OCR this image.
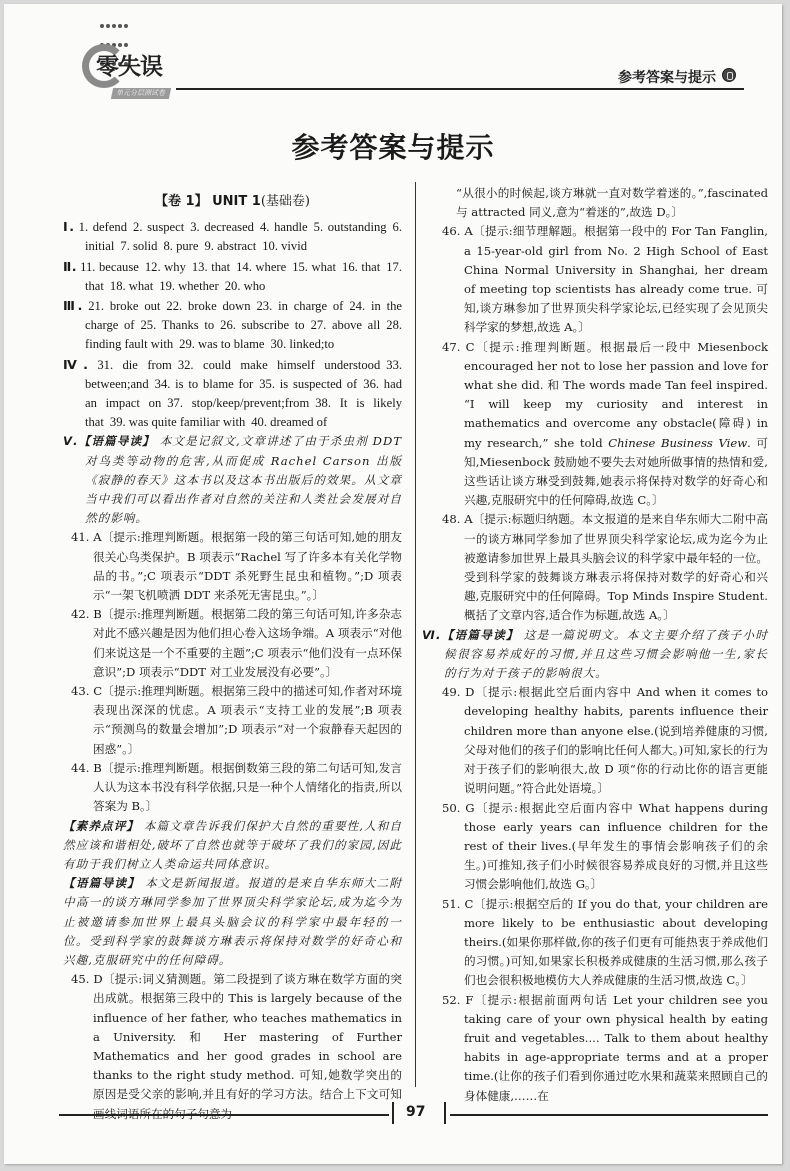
零失误
单元分层测试卷
参考答案与提示
参考答案与提示
【卷 1】 UNIT 1(基础卷)

Ⅰ. 1. defend 2. suspect 3. decreased 4. handle 5. outstanding 6. initial 7. solid 8. pure 9. abstract 10. vivid

Ⅱ. 11. because 12. why 13. that 14. where 15. what 16. that 17. that 18. what 19. whether 20. who

Ⅲ. 21. broke out 22. broke down 23. in charge of 24. in the charge of 25. Thanks to 26. subscribe to 27. above all 28. finding fault with 29. was to blame 30. linked;to

Ⅳ. 31. die from 32. could make himself understood 33. between;and 34. is to blame for 35. is suspected of 36. had an impact on 37. stop/keep/prevent;from 38. It is likely that 39. was quite familiar with 40. dreamed of

Ⅴ.【语篇导读】 本文是记叙文,文章讲述了由于杀虫剂 DDT 对鸟类等动物的危害,从而促成 Rachel Carson 出版《寂静的春天》这本书以及这本书出版后的效果。从文章当中我们可以看出作者对自然的关注和人类社会发展对自然的影响。

41. A〔提示:推理判断题。根据第一段的第三句话可知,她的朋友很关心鸟类保护。B 项表示“Rachel 写了许多本有关化学物品的书。”;C 项表示“DDT 杀死野生昆虫和植物。”;D 项表示“一架飞机喷洒 DDT 来杀死无害昆虫。”。〕

42. B〔提示:推理判断题。根据第二段的第三句话可知,许多杂志对此不感兴趣是因为他们担心卷入这场争端。A 项表示“对他们来说这是一个不重要的主题”;C 项表示“他们没有一点环保意识”;D 项表示“DDT 对工业发展没有必要”。〕

43. C〔提示:推理判断题。根据第三段中的描述可知,作者对环境表现出深深的忧虑。A 项表示“支持工业的发展”;B 项表示“预测鸟的数量会增加”;D 项表示“对一个寂静春天起因的困惑”。〕

44. B〔提示:推理判断题。根据倒数第三段的第二句话可知,发言人认为这本书没有科学依据,只是一种个人情绪化的指责,所以答案为 B。〕

【素养点评】 本篇文章告诉我们保护大自然的重要性,人和自然应该和谐相处,破坏了自然也就等于破坏了我们的家园,因此有助于我们树立人类命运共同体意识。

【语篇导读】 本文是新闻报道。报道的是来自华东师大二附中高一的谈方琳同学参加了世界顶尖科学家论坛,成为迄今为止被邀请参加世界上最具头脑会议的科学家中最年轻的一位。受到科学家的鼓舞谈方琳表示将保持对数学的好奇心和兴趣,克服研究中的任何障碍。

45. D〔提示:词义猜测题。第二段提到了谈方琳在数学方面的突出成就。根据第三段中的 This is largely because of the influence of her father, who teaches mathematics in a University. 和 Her mastering of Further Mathematics and her good grades in school are thanks to the right study method. 可知,她数学突出的原因是受父亲的影响,并且有好的学习方法。结合上下文可知

“从很小的时候起,谈方琳就一直对数学着迷的。”,fascinated 与 attracted 同义,意为“着迷的”,故选 D。〕

46. A〔提示:细节理解题。根据第一段中的 For Tan Fanglin, a 15-year-old girl from No. 2 High School of East China Normal University in Shanghai, her dream of meeting top scientists has already come true. 可知,谈方琳参加了世界顶尖科学家论坛,已经实现了会见顶尖科学家的梦想,故选 A。〕

47. C〔提示:推理判断题。根据最后一段中 Miesenbock encouraged her not to lose her passion and love for what she did. 和 The words made Tan feel inspired. “I will keep my curiosity and interest in mathematics and overcome any obstacle(障碍) in my research,” she told Chinese Business View. 可知,Miesenbock 鼓励她不要失去对她所做事情的热情和爱,这些话让谈方琳受到鼓舞,她表示将保持对数学的好奇心和兴趣,克服研究中的任何障碍,故选 C。〕

48. A〔提示:标题归纳题。本文报道的是来自华东师大二附中高一的谈方琳同学参加了世界顶尖科学家论坛,成为迄今为止被邀请参加世界上最具头脑会议的科学家中最年轻的一位。受到科学家的鼓舞谈方琳表示将保持对数学的好奇心和兴趣,克服研究中的任何障碍。Top Minds Inspire Student. 概括了文章内容,适合作为标题,故选 A。〕

Ⅵ.【语篇导读】 这是一篇说明文。本文主要介绍了孩子小时候很容易养成好的习惯,并且这些习惯会影响他一生,家长的行为对于孩子的影响很大。

49. D〔提示:根据此空后面内容中 And when it comes to developing healthy habits, parents influence their children more than anyone else.(说到培养健康的习惯,父母对他们的孩子们的影响比任何人都大。)可知,家长的行为对于孩子们的影响很大,故 D 项“你的行动比你的语言更能说明问题。”符合此处语境。〕

50. G〔提示:根据此空后面内容中 What happens during those early years can influence children for the rest of their lives.(早年发生的事情会影响孩子们的余生。)可推知,孩子们小时候很容易养成良好的习惯,并且这些习惯会影响他们,故选 G。〕

51. C〔提示:根据空后的 If you do that, your children are more likely to be enthusiastic about developing theirs.(如果你那样做,你的孩子们更有可能热衷于养成他们的习惯。)可知,如果家长积极养成健康的生活习惯,那么孩子们也会很积极地模仿大人养成健康的生活习惯,故选 C。〕

52. F〔提示:根据前面两句话 Let your children see you taking care of your own physical health by eating fruit and vegetables.... Talk to them about healthy habits in age-appropriate terms and at a proper time.(让你的孩子们看到你通过吃水果和蔬菜来照顾自己的身体健康,……在

97
